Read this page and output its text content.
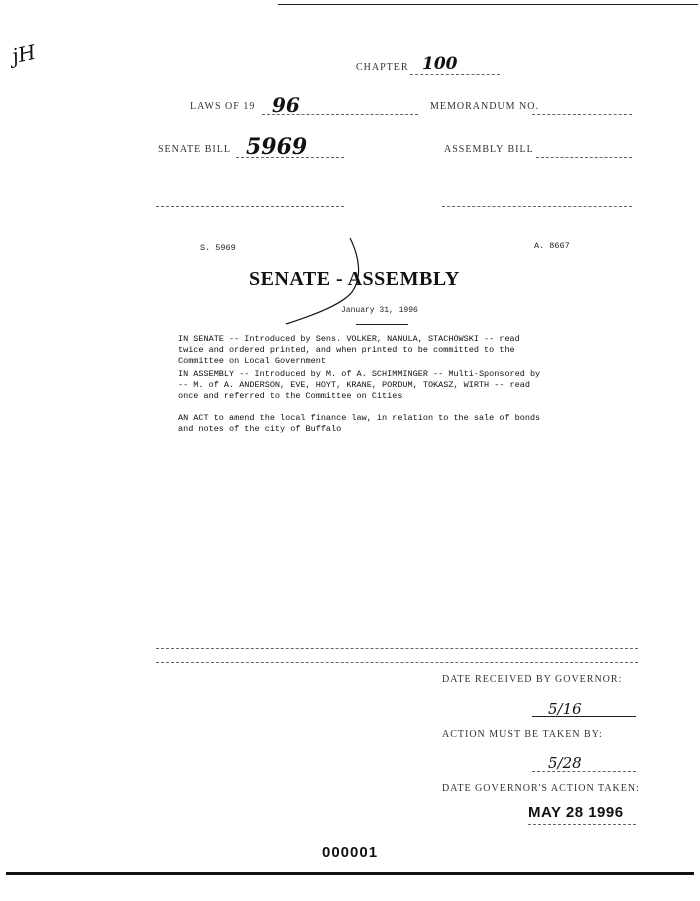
jH	CHAPTER 100
LAWS OF 19 96	MEMORANDUM NO.
SENATE BILL 5969	ASSEMBLY BILL
S. 5969	A. 8667
SENATE - ASSEMBLY
January 31, 1996
IN SENATE -- Introduced by Sens. VOLKER, NANULA, STACHOWSKI -- read
twice and ordered printed, and when printed to be committed to the
Committee on Local Government
IN ASSEMBLY -- Introduced by M. of A. SCHIMMINGER -- Multi-Sponsored by
-- M. of A. ANDERSON, EVE, HOYT, KRANE, PORDUM, TOKASZ, WIRTH -- read
once and referred to the Committee on Cities
AN ACT to amend the local finance law, in relation to the sale of bonds
and notes of the city of Buffalo
DATE RECEIVED BY GOVERNOR:
5/16
ACTION MUST BE TAKEN BY:
5/28
DATE GOVERNOR'S ACTION TAKEN:
MAY 28 1996
000001
